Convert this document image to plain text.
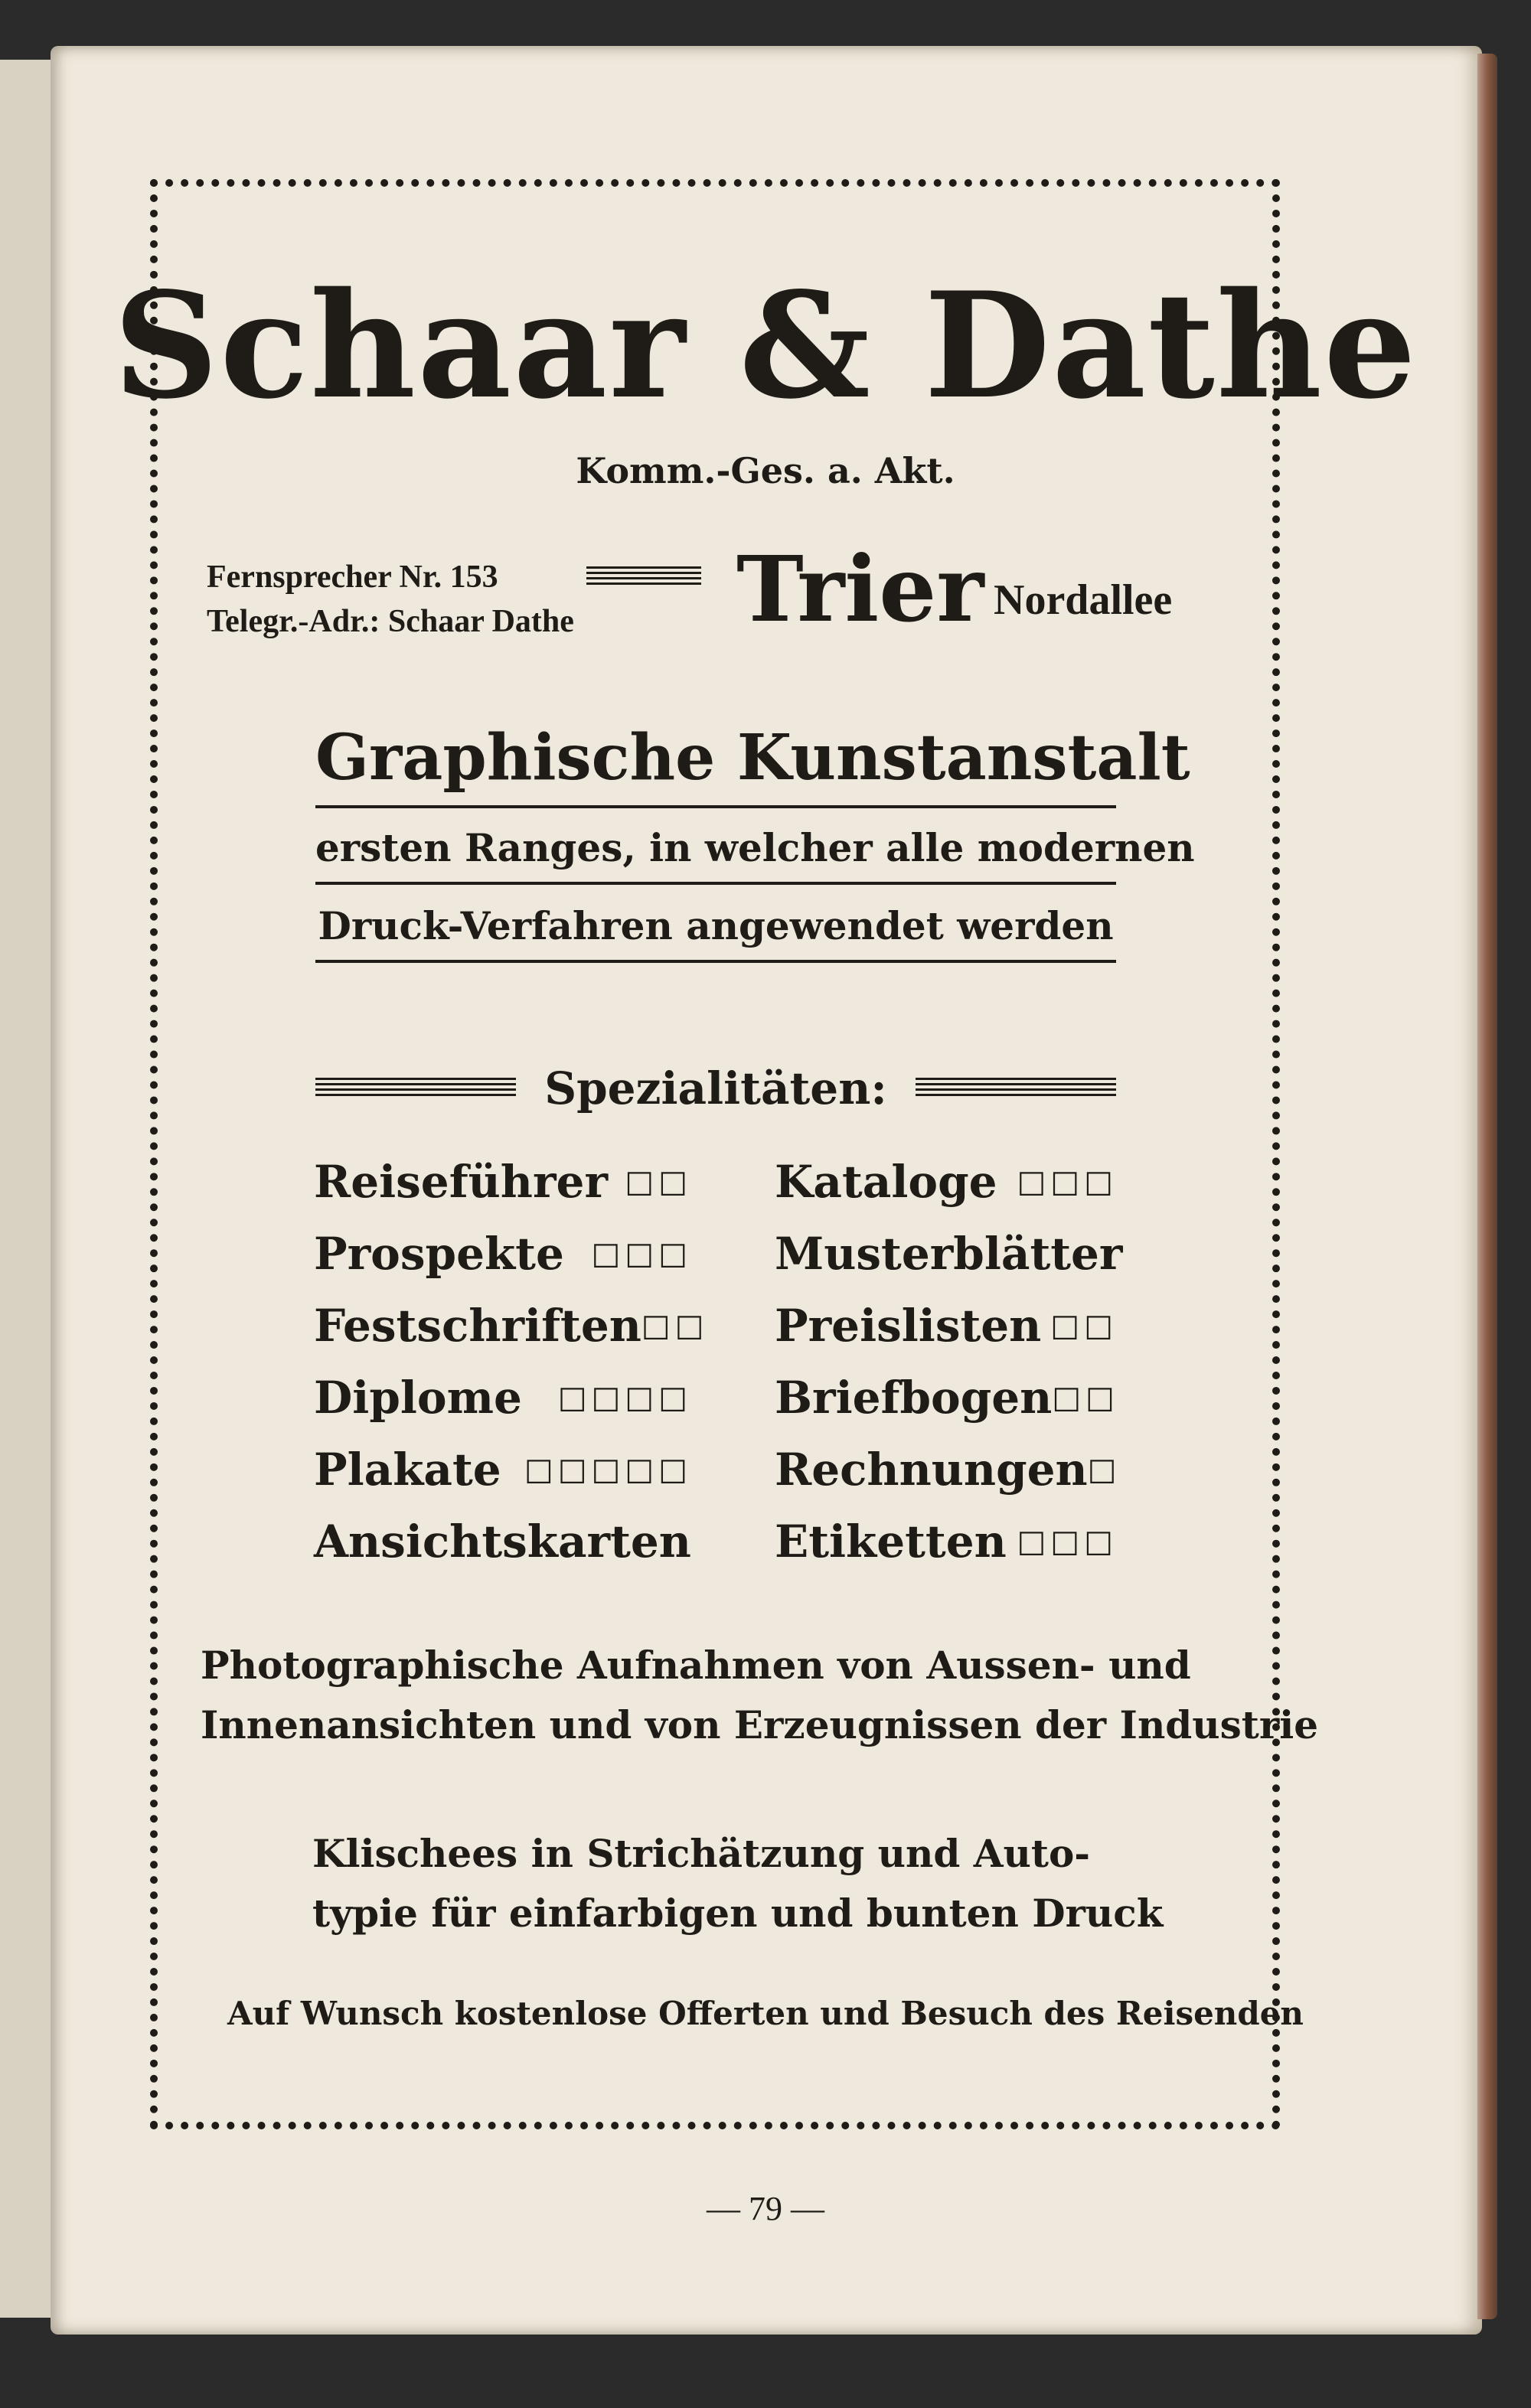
Schaar & Dathe
Komm.-Ges. a. Akt.
Fernsprecher Nr. 153
Telegr.-Adr.: Schaar Dathe Trier Nordallee
Graphische Kunstanstalt
ersten Ranges, in welcher alle modernen
Druck-Verfahren angewendet werden
Spezialitäten:
Reiseführer □□
Prospekte □□□
Festschriften □□
Diplome □□□□
Plakate □□□□□
Ansichtskarten
Kataloge □□□
Musterblätter
Preislisten □□
Briefbogen □□
Rechnungen □
Etiketten □□□
Photographische Aufnahmen von Aussen- und
Innenansichten und von Erzeugnissen der Industrie
Klischees in Strichätzung und Auto-
typie für einfarbigen und bunten Druck
Auf Wunsch kostenlose Offerten und Besuch des Reisenden
— 79 —
